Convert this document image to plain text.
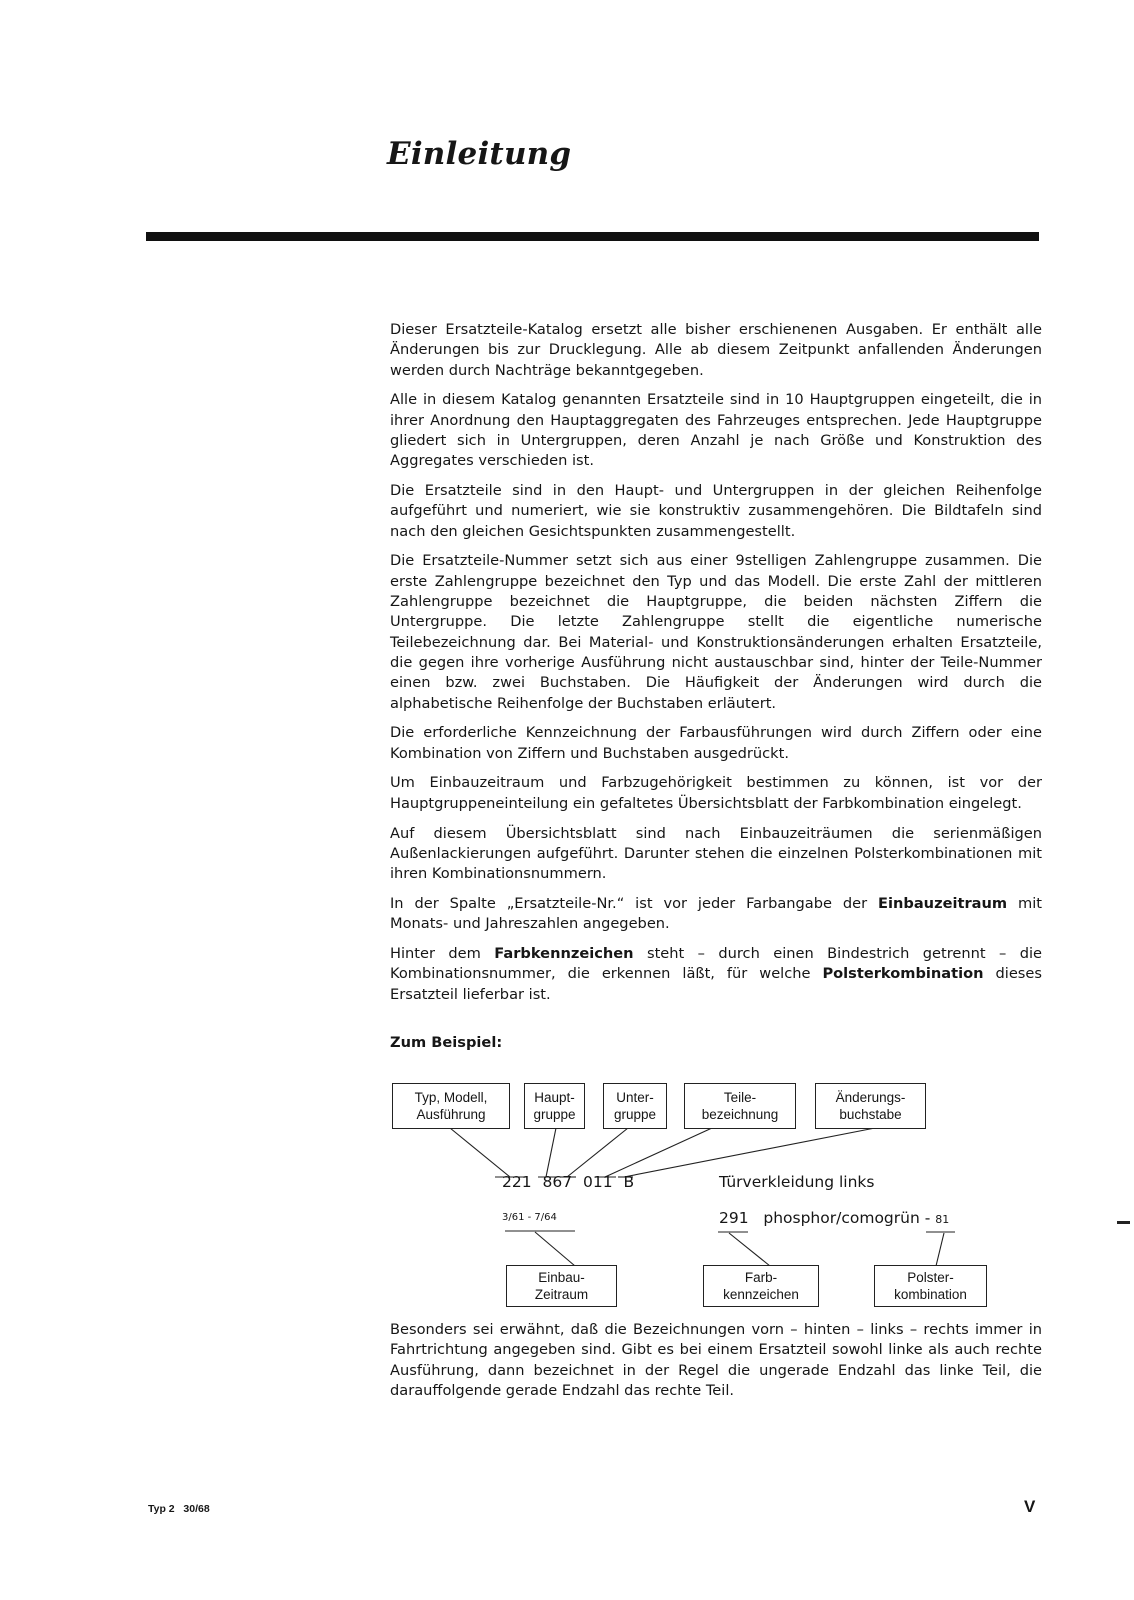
Einleitung

Dieser Ersatzteile-Katalog ersetzt alle bisher erschienenen Ausgaben. Er enthält alle Änderungen bis zur Drucklegung. Alle ab diesem Zeitpunkt anfallenden Änderungen werden durch Nachträge bekanntgegeben.

Alle in diesem Katalog genannten Ersatzteile sind in 10 Hauptgruppen eingeteilt, die in ihrer Anordnung den Hauptaggregaten des Fahrzeuges entsprechen. Jede Hauptgruppe gliedert sich in Untergruppen, deren Anzahl je nach Größe und Konstruktion des Aggregates verschieden ist.

Die Ersatzteile sind in den Haupt- und Untergruppen in der gleichen Reihenfolge aufgeführt und numeriert, wie sie konstruktiv zusammengehören. Die Bildtafeln sind nach den gleichen Gesichtspunkten zusammengestellt.

Die Ersatzteile-Nummer setzt sich aus einer 9stelligen Zahlengruppe zusammen. Die erste Zahlengruppe bezeichnet den Typ und das Modell. Die erste Zahl der mittleren Zahlengruppe bezeichnet die Hauptgruppe, die beiden nächsten Ziffern die Untergruppe. Die letzte Zahlengruppe stellt die eigentliche numerische Teilebezeichnung dar. Bei Material- und Konstruktionsänderungen erhalten Ersatzteile, die gegen ihre vorherige Ausführung nicht austauschbar sind, hinter der Teile-Nummer einen bzw. zwei Buchstaben. Die Häufigkeit der Änderungen wird durch die alphabetische Reihenfolge der Buchstaben erläutert.

Die erforderliche Kennzeichnung der Farbausführungen wird durch Ziffern oder eine Kombination von Ziffern und Buchstaben ausgedrückt.

Um Einbauzeitraum und Farbzugehörigkeit bestimmen zu können, ist vor der Hauptgruppeneinteilung ein gefaltetes Übersichtsblatt der Farbkombination eingelegt.

Auf diesem Übersichtsblatt sind nach Einbauzeiträumen die serienmäßigen Außenlackierungen aufgeführt. Darunter stehen die einzelnen Polsterkombinationen mit ihren Kombinationsnummern.

In der Spalte „Ersatzteile-Nr.“ ist vor jeder Farbangabe der Einbauzeitraum mit Monats- und Jahreszahlen angegeben.

Hinter dem Farbkennzeichen steht – durch einen Bindestrich getrennt – die Kombinationsnummer, die erkennen läßt, für welche Polsterkombination dieses Ersatzteil lieferbar ist.

Zum Beispiel:

Typ, Modell,
Ausführung
Haupt-
gruppe
Unter-
gruppe
Teile-
bezeichnung
Änderungs-
buchstabe
221 867 011 B	Türverkleidung links
3/61 - 7/64	291 phosphor/comogrün - 81
Einbau-
Zeitraum
Farb-
kennzeichen
Polster-
kombination

Besonders sei erwähnt, daß die Bezeichnungen vorn – hinten – links – rechts immer in Fahrtrichtung angegeben sind. Gibt es bei einem Ersatzteil sowohl linke als auch rechte Ausführung, dann bezeichnet in der Regel die ungerade Endzahl das linke Teil, die darauffolgende gerade Endzahl das rechte Teil.

Typ 2   30/68	V
